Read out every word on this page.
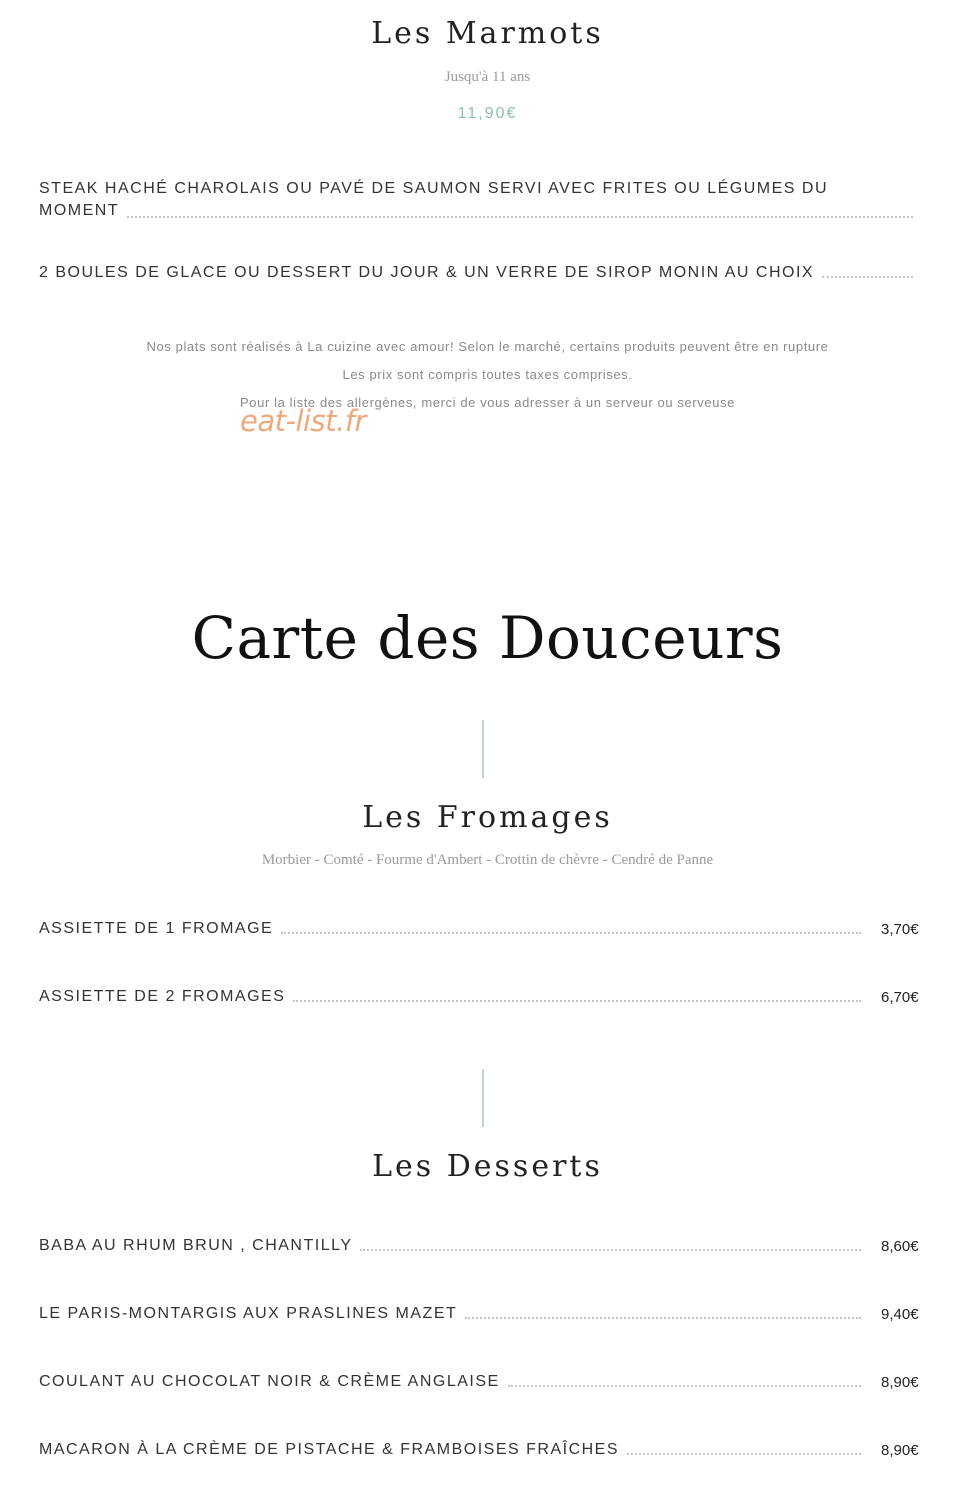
Les Marmots
Jusqu'à 11 ans
11,90€
STEAK HACHÉ CHAROLAIS OU PAVÉ DE SAUMON SERVI AVEC FRITES OU LÉGUMES DU
MOMENT
2 BOULES DE GLACE OU DESSERT DU JOUR & UN VERRE DE SIROP MONIN AU CHOIX
Nos plats sont réalisés à La cuizine avec amour! Selon le marché, certains produits peuvent être en rupture
Les prix sont compris toutes taxes comprises.
Pour la liste des allergènes, merci de vous adresser à un serveur ou serveuse
eat-list.fr
Carte des Douceurs
Les Fromages
Morbier - Comté - Fourme d'Ambert - Crottin de chèvre - Cendré de Panne
ASSIETTE DE 1 FROMAGE	3,70€
ASSIETTE DE 2 FROMAGES	6,70€
Les Desserts
BABA AU RHUM BRUN , CHANTILLY	8,60€
LE PARIS-MONTARGIS AUX PRASLINES MAZET	9,40€
COULANT AU CHOCOLAT NOIR & CRÈME ANGLAISE	8,90€
MACARON À LA CRÈME DE PISTACHE & FRAMBOISES FRAÎCHES	8,90€
